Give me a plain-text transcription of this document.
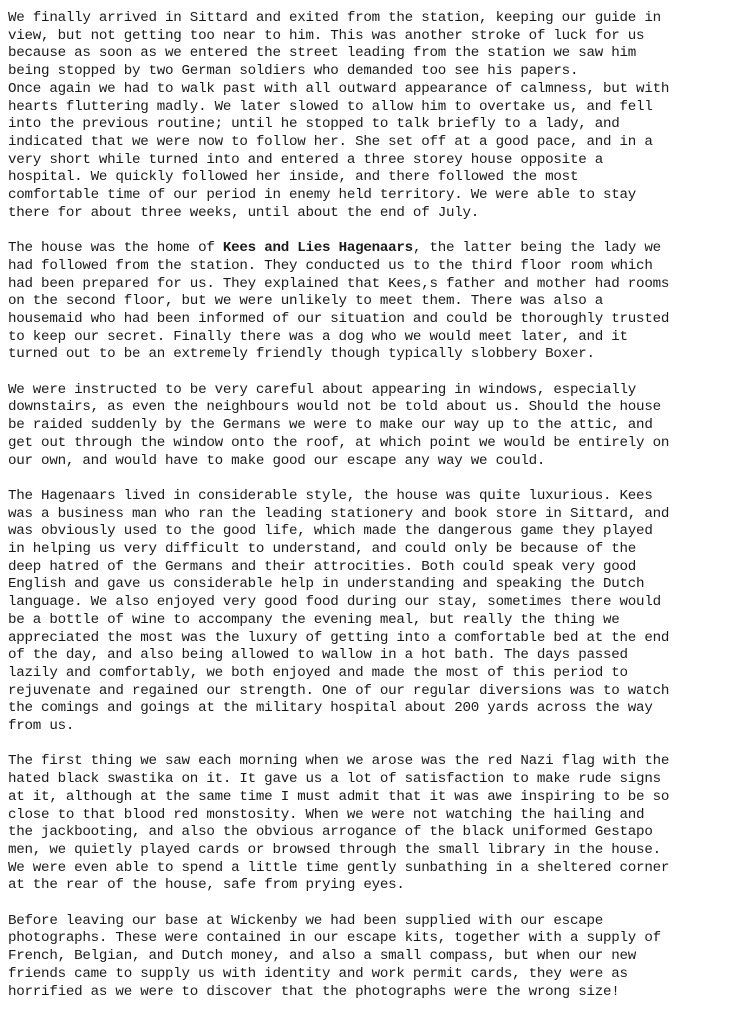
We finally arrived in Sittard and exited from the station, keeping our guide in
view, but not getting too near to him. This was another stroke of luck for us
because as soon as we entered the street leading from the station we saw him
being stopped by two German soldiers who demanded too see his papers.
Once again we had to walk past with all outward appearance of calmness, but with
hearts fluttering madly. We later slowed to allow him to overtake us, and fell
into the previous routine; until he stopped to talk briefly to a lady, and
indicated that we were now to follow her. She set off at a good pace, and in a
very short while turned into and entered a three storey house opposite a
hospital. We quickly followed her inside, and there followed the most
comfortable time of our period in enemy held territory. We were able to stay
there for about three weeks, until about the end of July.

The house was the home of Kees and Lies Hagenaars, the latter being the lady we
had followed from the station. They conducted us to the third floor room which
had been prepared for us. They explained that Kees,s father and mother had rooms
on the second floor, but we were unlikely to meet them. There was also a
housemaid who had been informed of our situation and could be thoroughly trusted
to keep our secret. Finally there was a dog who we would meet later, and it
turned out to be an extremely friendly though typically slobbery Boxer.

We were instructed to be very careful about appearing in windows, especially
downstairs, as even the neighbours would not be told about us. Should the house
be raided suddenly by the Germans we were to make our way up to the attic, and
get out through the window onto the roof, at which point we would be entirely on
our own, and would have to make good our escape any way we could.

The Hagenaars lived in considerable style, the house was quite luxurious. Kees
was a business man who ran the leading stationery and book store in Sittard, and
was obviously used to the good life, which made the dangerous game they played
in helping us very difficult to understand, and could only be because of the
deep hatred of the Germans and their attrocities. Both could speak very good
English and gave us considerable help in understanding and speaking the Dutch
language. We also enjoyed very good food during our stay, sometimes there would
be a bottle of wine to accompany the evening meal, but really the thing we
appreciated the most was the luxury of getting into a comfortable bed at the end
of the day, and also being allowed to wallow in a hot bath. The days passed
lazily and comfortably, we both enjoyed and made the most of this period to
rejuvenate and regained our strength. One of our regular diversions was to watch
the comings and goings at the military hospital about 200 yards across the way
from us.

The first thing we saw each morning when we arose was the red Nazi flag with the
hated black swastika on it. It gave us a lot of satisfaction to make rude signs
at it, although at the same time I must admit that it was awe inspiring to be so
close to that blood red monstosity. When we were not watching the hailing and
the jackbooting, and also the obvious arrogance of the black uniformed Gestapo
men, we quietly played cards or browsed through the small library in the house.
We were even able to spend a little time gently sunbathing in a sheltered corner
at the rear of the house, safe from prying eyes.

Before leaving our base at Wickenby we had been supplied with our escape
photographs. These were contained in our escape kits, together with a supply of
French, Belgian, and Dutch money, and also a small compass, but when our new
friends came to supply us with identity and work permit cards, they were as
horrified as we were to discover that the photographs were the wrong size!
